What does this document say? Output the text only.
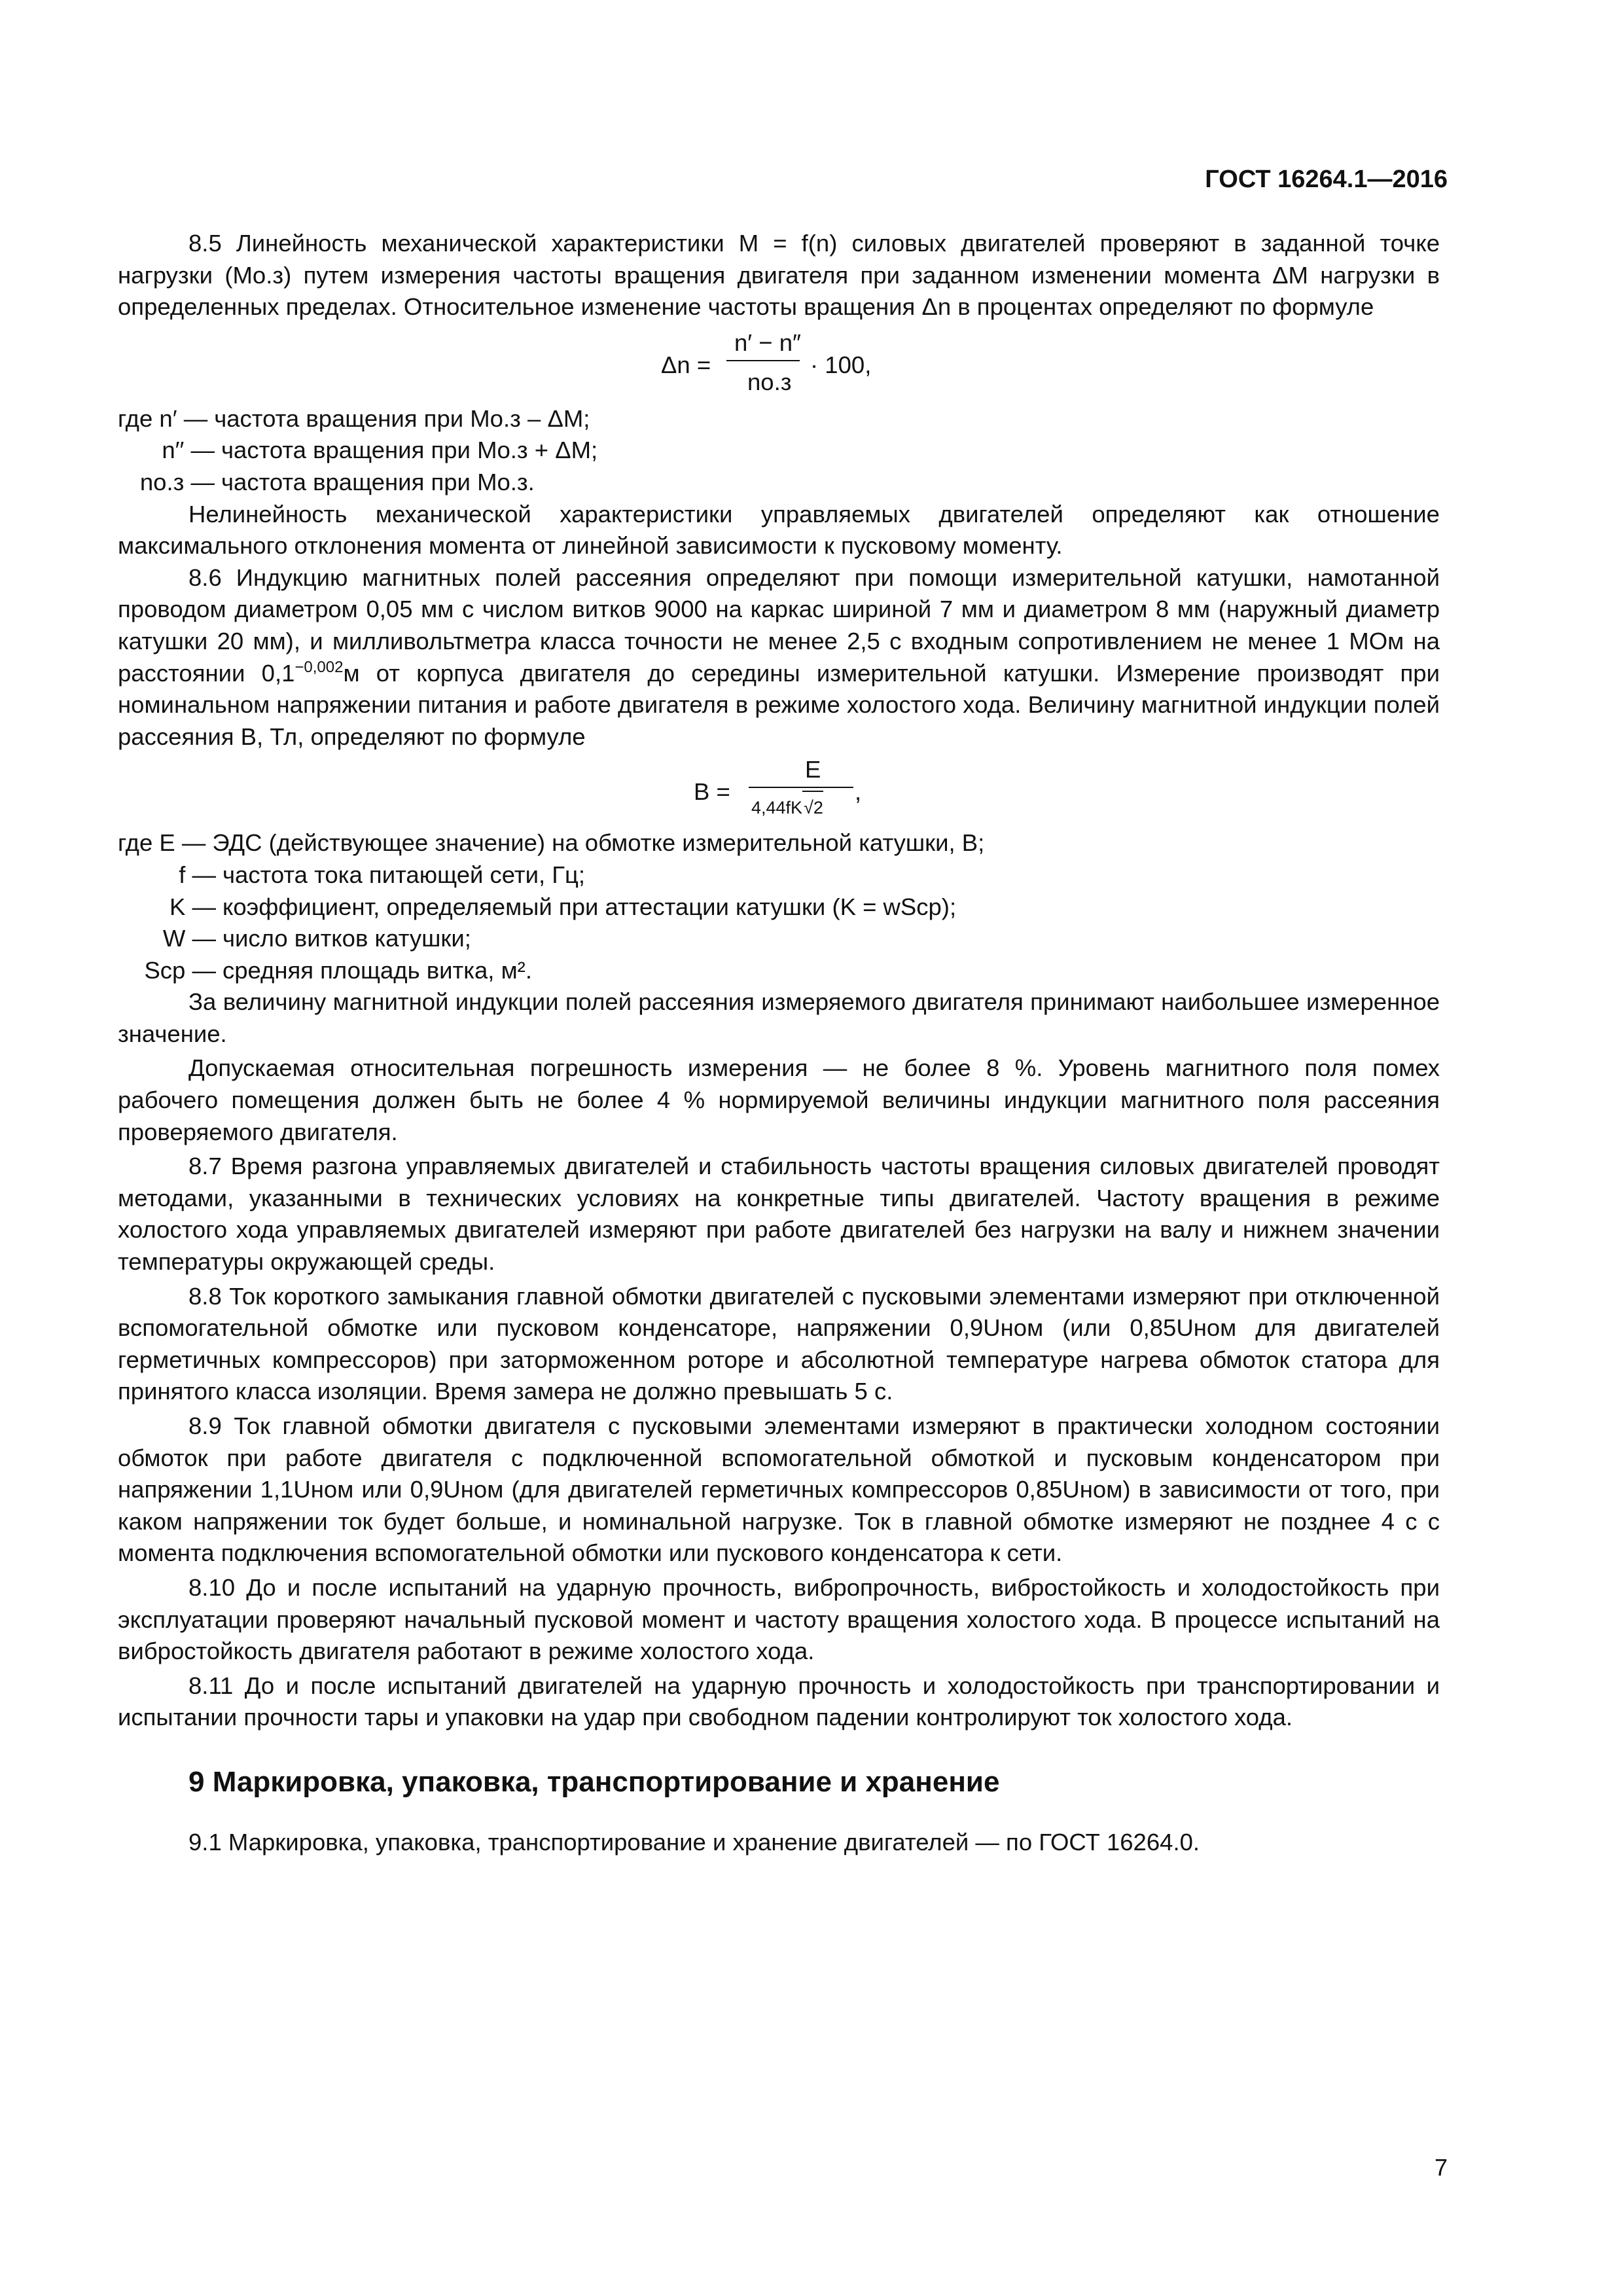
ГОСТ 16264.1—2016

8.5 Линейность механической характеристики M = f(n) силовых двигателей проверяют в заданной точке нагрузки (Mо.з) путем измерения частоты вращения двигателя при заданном изменении момента ΔM нагрузки в определенных пределах. Относительное изменение частоты вращения Δn в процентах определяют по формуле

Δn =
n′ − n″
nо.з
· 100,
где n′ — частота вращения при Mо.з – ΔM;
n′′ — частота вращения при Mо.з + ΔM;
nо.з — частота вращения при Mо.з.

Нелинейность механической характеристики управляемых двигателей определяют как отношение максимального отклонения момента от линейной зависимости к пусковому моменту.

8.6 Индукцию магнитных полей рассеяния определяют при помощи измерительной катушки, намотанной проводом диаметром 0,05 мм с числом витков 9000 на каркас шириной 7 мм и диаметром 8 мм (наружный диаметр катушки 20 мм), и милливольтметра класса точности не менее 2,5 с входным сопротивлением не менее 1 МОм на расстоянии $0,1^{-0,002}м$ от корпуса двигателя до середины измерительной катушки. Измерение производят при номинальном напряжении питания и работе двигателя в режиме холостого хода. Величину магнитной индукции полей рассеяния B, Тл, определяют по формуле

B =
E
4,44fK√2
,
где E — ЭДС (действующее значение) на обмотке измерительной катушки, В;
f — частота тока питающей сети, Гц;
K — коэффициент, определяемый при аттестации катушки (K = wSср);
W — число витков катушки;
Sср — средняя площадь витка, м².

За величину магнитной индукции полей рассеяния измеряемого двигателя принимают наибольшее измеренное значение.

Допускаемая относительная погрешность измерения — не более 8 %. Уровень магнитного поля помех рабочего помещения должен быть не более 4 % нормируемой величины индукции магнитного поля рассеяния проверяемого двигателя.

8.7 Время разгона управляемых двигателей и стабильность частоты вращения силовых двигателей проводят методами, указанными в технических условиях на конкретные типы двигателей. Частоту вращения в режиме холостого хода управляемых двигателей измеряют при работе двигателей без нагрузки на валу и нижнем значении температуры окружающей среды.

8.8 Ток короткого замыкания главной обмотки двигателей с пусковыми элементами измеряют при отключенной вспомогательной обмотке или пусковом конденсаторе, напряжении 0,9Uном (или 0,85Uном для двигателей герметичных компрессоров) при заторможенном роторе и абсолютной температуре нагрева обмоток статора для принятого класса изоляции. Время замера не должно превышать 5 с.

8.9 Ток главной обмотки двигателя с пусковыми элементами измеряют в практически холодном состоянии обмоток при работе двигателя с подключенной вспомогательной обмоткой и пусковым конденсатором при напряжении 1,1Uном или 0,9Uном (для двигателей герметичных компрессоров 0,85Uном) в зависимости от того, при каком напряжении ток будет больше, и номинальной нагрузке. Ток в главной обмотке измеряют не позднее 4 с с момента подключения вспомогательной обмотки или пускового конденсатора к сети.

8.10 До и после испытаний на ударную прочность, вибропрочность, вибростойкость и холодостойкость при эксплуатации проверяют начальный пусковой момент и частоту вращения холостого хода. В процессе испытаний на вибростойкость двигателя работают в режиме холостого хода.

8.11 До и после испытаний двигателей на ударную прочность и холодостойкость при транспортировании и испытании прочности тары и упаковки на удар при свободном падении контролируют ток холостого хода.

9 Маркировка, упаковка, транспортирование и хранение

9.1 Маркировка, упаковка, транспортирование и хранение двигателей — по ГОСТ 16264.0.

7
